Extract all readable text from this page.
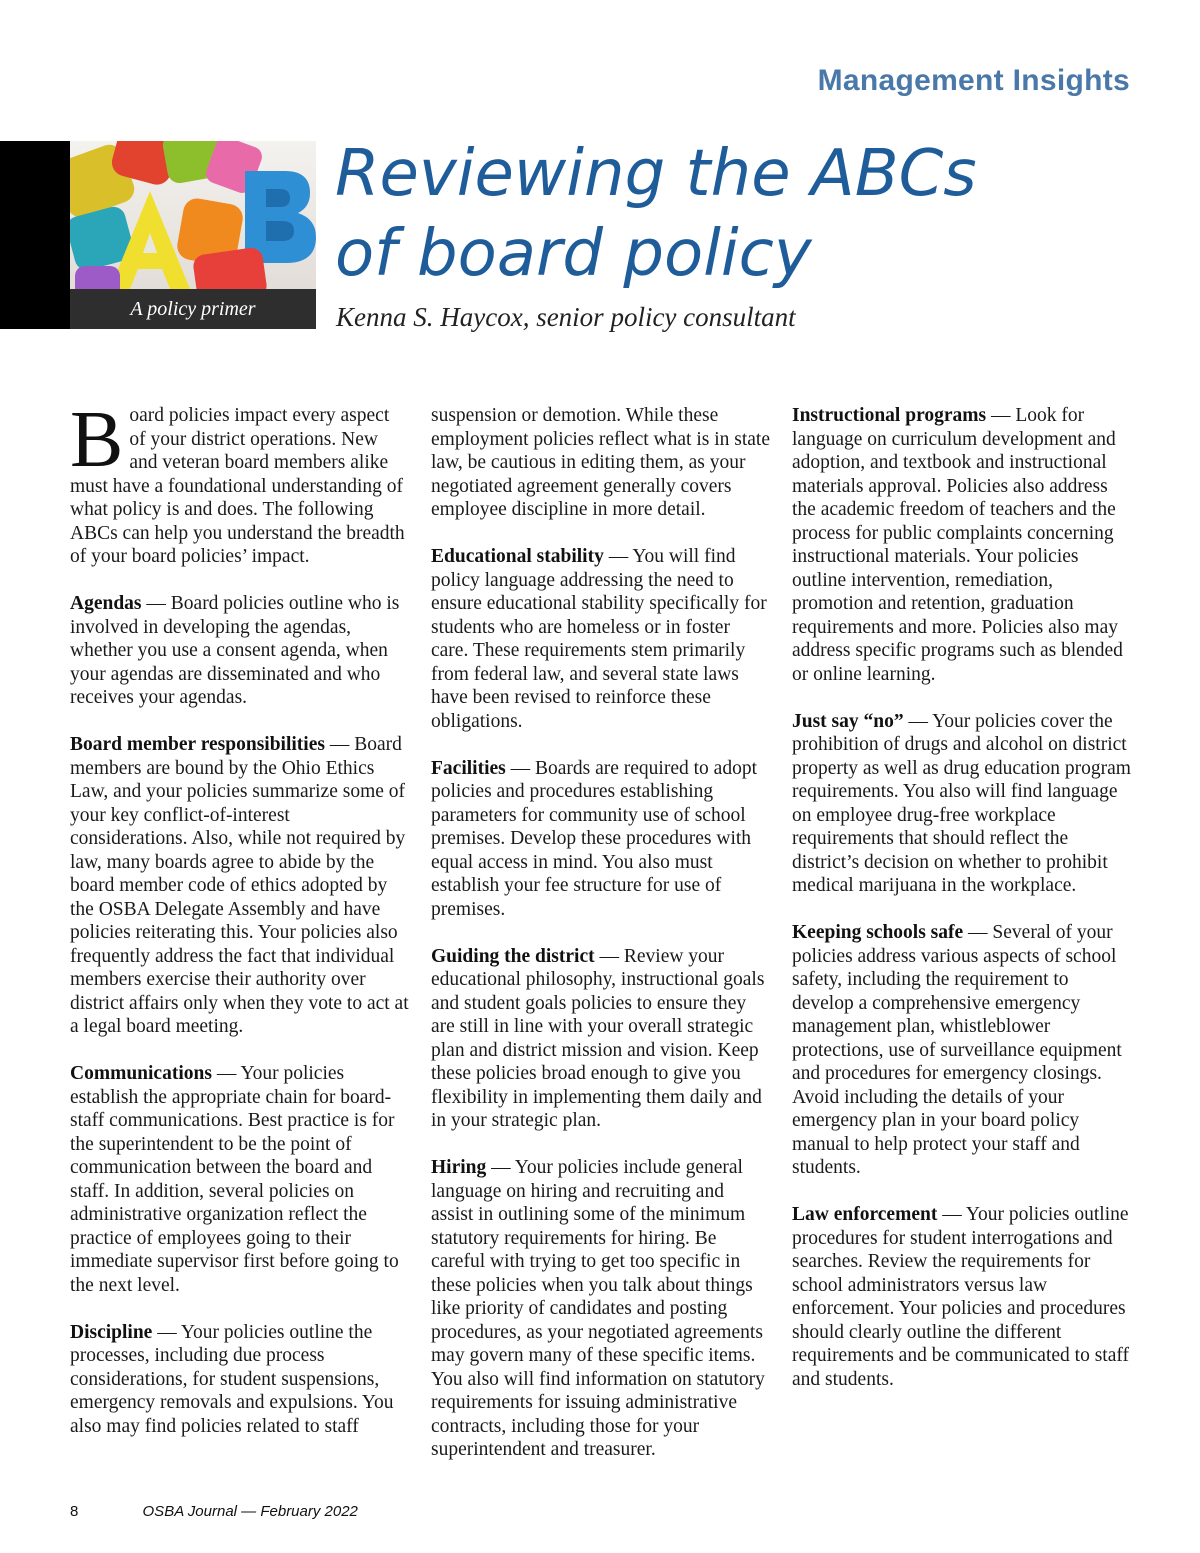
Management Insights
A policy primer
Reviewing the ABCs
of board policy
Kenna S. Haycox, senior policy consultant

Board policies impact every aspect of your district operations. New and veteran board members alike must have a foundational understanding of what policy is and does. The following ABCs can help you understand the breadth of your board policies’ impact.

Agendas — Board policies outline who is involved in developing the agendas, whether you use a consent agenda, when your agendas are disseminated and who receives your agendas.

Board member responsibilities — Board members are bound by the Ohio Ethics Law, and your policies summarize some of your key conflict-of-interest considerations. Also, while not required by law, many boards agree to abide by the board member code of ethics adopted by the OSBA Delegate Assembly and have policies reiterating this. Your policies also frequently address the fact that individual members exercise their authority over district affairs only when they vote to act at a legal board meeting.

Communications — Your policies establish the appropriate chain for board-staff communications. Best practice is for the superintendent to be the point of communication between the board and staff. In addition, several policies on administrative organization reflect the practice of employees going to their immediate supervisor first before going to the next level.

Discipline — Your policies outline the processes, including due process considerations, for student suspensions, emergency removals and expulsions. You also may find policies related to staff

suspension or demotion. While these employment policies reflect what is in state law, be cautious in editing them, as your negotiated agreement generally covers employee discipline in more detail.

Educational stability — You will find policy language addressing the need to ensure educational stability specifically for students who are homeless or in foster care. These requirements stem primarily from federal law, and several state laws have been revised to reinforce these obligations.

Facilities — Boards are required to adopt policies and procedures establishing parameters for community use of school premises. Develop these procedures with equal access in mind. You also must establish your fee structure for use of premises.

Guiding the district — Review your educational philosophy, instructional goals and student goals policies to ensure they are still in line with your overall strategic plan and district mission and vision. Keep these policies broad enough to give you flexibility in implementing them daily and in your strategic plan.

Hiring — Your policies include general language on hiring and recruiting and assist in outlining some of the minimum statutory requirements for hiring. Be careful with trying to get too specific in these policies when you talk about things like priority of candidates and posting procedures, as your negotiated agreements may govern many of these specific items. You also will find information on statutory requirements for issuing administrative contracts, including those for your superintendent and treasurer.

Instructional programs — Look for language on curriculum development and adoption, and textbook and instructional materials approval. Policies also address the academic freedom of teachers and the process for public complaints concerning instructional materials. Your policies outline intervention, remediation, promotion and retention, graduation requirements and more. Policies also may address specific programs such as blended or online learning.

Just say “no” — Your policies cover the prohibition of drugs and alcohol on district property as well as drug education program requirements. You also will find language on employee drug-free workplace requirements that should reflect the district’s decision on whether to prohibit medical marijuana in the workplace.

Keeping schools safe — Several of your policies address various aspects of school safety, including the requirement to develop a comprehensive emergency management plan, whistleblower protections, use of surveillance equipment and procedures for emergency closings. Avoid including the details of your emergency plan in your board policy manual to help protect your staff and students.

Law enforcement — Your policies outline procedures for student interrogations and searches. Review the requirements for school administrators versus law enforcement. Your policies and procedures should clearly outline the different requirements and be communicated to staff and students.

8	OSBA Journal — February 2022
